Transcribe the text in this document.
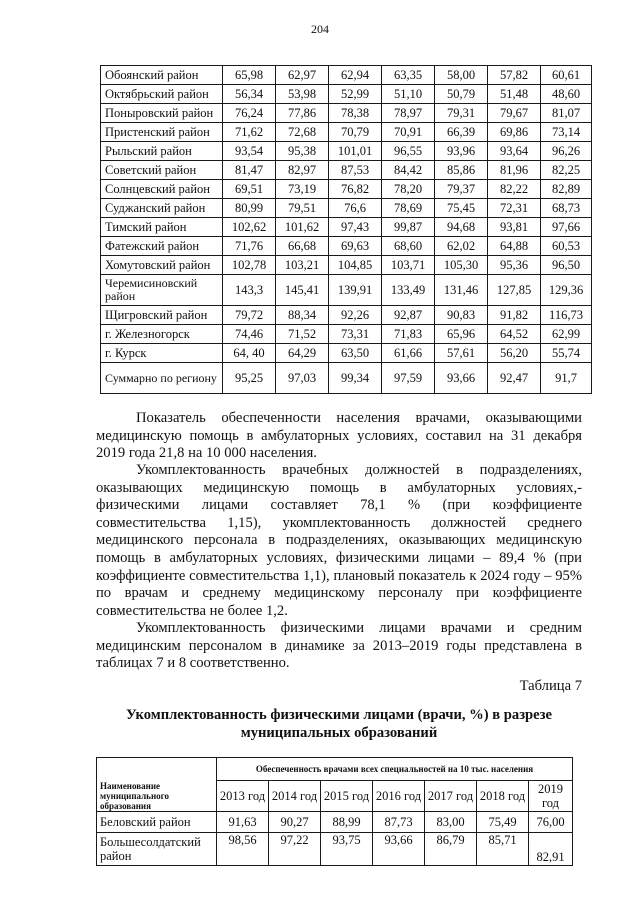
204
Обоянский район	65,98	62,97	62,94	63,35	58,00	57,82	60,61
Октябрьский район	56,34	53,98	52,99	51,10	50,79	51,48	48,60
Поныровский район	76,24	77,86	78,38	78,97	79,31	79,67	81,07
Пристенский район	71,62	72,68	70,79	70,91	66,39	69,86	73,14
Рыльский район	93,54	95,38	101,01	96,55	93,96	93,64	96,26
Советский район	81,47	82,97	87,53	84,42	85,86	81,96	82,25
Солнцевский район	69,51	73,19	76,82	78,20	79,37	82,22	82,89
Суджанский район	80,99	79,51	76,6	78,69	75,45	72,31	68,73
Тимский район	102,62	101,62	97,43	99,87	94,68	93,81	97,66
Фатежский район	71,76	66,68	69,63	68,60	62,02	64,88	60,53
Хомутовский район	102,78	103,21	104,85	103,71	105,30	95,36	96,50
Черемисиновский район	143,3	145,41	139,91	133,49	131,46	127,85	129,36
Щигровский район	79,72	88,34	92,26	92,87	90,83	91,82	116,73
г. Железногорск	74,46	71,52	73,31	71,83	65,96	64,52	62,99
г. Курск	64, 40	64,29	63,50	61,66	57,61	56,20	55,74
Суммарно по региону	95,25	97,03	99,34	97,59	93,66	92,47	91,7

Показатель обеспеченности населения врачами, оказывающими медицинскую помощь в амбулаторных условиях, составил на 31 декабря 2019 года 21,8 на 10 000 населения.

Укомплектованность врачебных должностей в подразделениях, оказывающих медицинскую помощь в амбулаторных условиях,- физическими лицами составляет 78,1 % (при коэффициенте совместительства 1,15), укомплектованность должностей среднего медицинского персонала в подразделениях, оказывающих медицинскую помощь в амбулаторных условиях, физическими лицами – 89,4 % (при коэффициенте совместительства 1,1), плановый показатель к 2024 году – 95% по врачам и среднему медицинскому персоналу при коэффициенте совместительства не более 1,2.

Укомплектованность физическими лицами врачами и средним медицинским персоналом в динамике за 2013–2019 годы представлена в таблицах 7 и 8 соответственно.

Таблица 7
Укомплектованность физическими лицами (врачи, %) в разрезе муниципальных образований
Наименование муниципального образования	Обеспеченность врачами всех специальностей на 10 тыс. населения						
	2013 год	2014 год	2015 год	2016 год	2017 год	2018 год	2019 год
Беловский район	91,63	90,27	88,99	87,73	83,00	75,49	76,00
Большесолдатский район	98,56	97,22	93,75	93,66	86,79	85,71	82,91
